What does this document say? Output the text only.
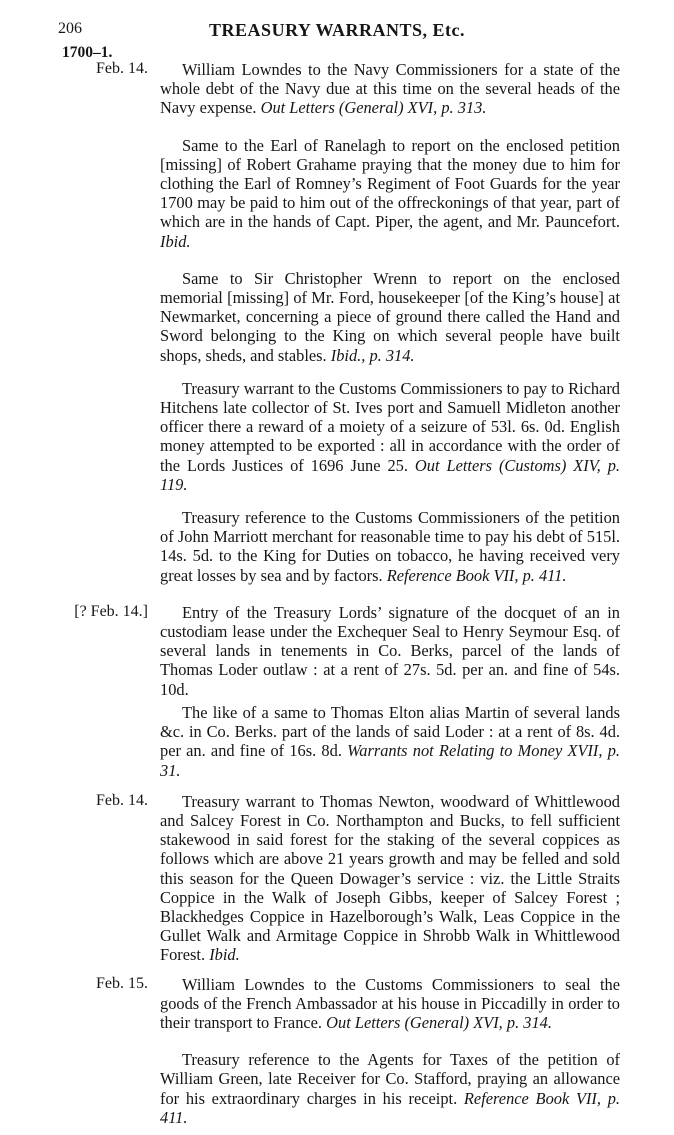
206	TREASURY WARRANTS, Etc.
1700–1.
Feb. 14.	William Lowndes to the Navy Commissioners for a state of the whole debt of the Navy due at this time on the several heads of the Navy expense. Out Letters (General) XVI, p. 313.

Same to the Earl of Ranelagh to report on the enclosed petition [missing] of Robert Grahame praying that the money due to him for clothing the Earl of Romney’s Regiment of Foot Guards for the year 1700 may be paid to him out of the offreckonings of that year, part of which are in the hands of Capt. Piper, the agent, and Mr. Pauncefort. Ibid.

Same to Sir Christopher Wrenn to report on the enclosed memorial [missing] of Mr. Ford, housekeeper [of the King’s house] at Newmarket, concerning a piece of ground there called the Hand and Sword belonging to the King on which several people have built shops, sheds, and stables. Ibid., p. 314.

Treasury warrant to the Customs Commissioners to pay to Richard Hitchens late collector of St. Ives port and Samuell Midleton another officer there a reward of a moiety of a seizure of 53l. 6s. 0d. English money attempted to be exported : all in accordance with the order of the Lords Justices of 1696 June 25. Out Letters (Customs) XIV, p. 119.

Treasury reference to the Customs Commissioners of the petition of John Marriott merchant for reasonable time to pay his debt of 515l. 14s. 5d. to the King for Duties on tobacco, he having received very great losses by sea and by factors. Reference Book VII, p. 411.

[? Feb. 14.]	Entry of the Treasury Lords’ signature of the docquet of an in custodiam lease under the Exchequer Seal to Henry Seymour Esq. of several lands in tenements in Co. Berks, parcel of the lands of Thomas Loder outlaw : at a rent of 27s. 5d. per an. and fine of 54s. 10d.

The like of a same to Thomas Elton alias Martin of several lands &c. in Co. Berks. part of the lands of said Loder : at a rent of 8s. 4d. per an. and fine of 16s. 8d. Warrants not Relating to Money XVII, p. 31.

Feb. 14.	Treasury warrant to Thomas Newton, woodward of Whittlewood and Salcey Forest in Co. Northampton and Bucks, to fell sufficient stakewood in said forest for the staking of the several coppices as follows which are above 21 years growth and may be felled and sold this season for the Queen Dowager’s service : viz. the Little Straits Coppice in the Walk of Joseph Gibbs, keeper of Salcey Forest ; Blackhedges Coppice in Hazelborough’s Walk, Leas Coppice in the Gullet Walk and Armitage Coppice in Shrobb Walk in Whittlewood Forest. Ibid.

Feb. 15.	William Lowndes to the Customs Commissioners to seal the goods of the French Ambassador at his house in Piccadilly in order to their transport to France. Out Letters (General) XVI, p. 314.

Treasury reference to the Agents for Taxes of the petition of William Green, late Receiver for Co. Stafford, praying an allowance for his extraordinary charges in his receipt. Reference Book VII, p. 411.
